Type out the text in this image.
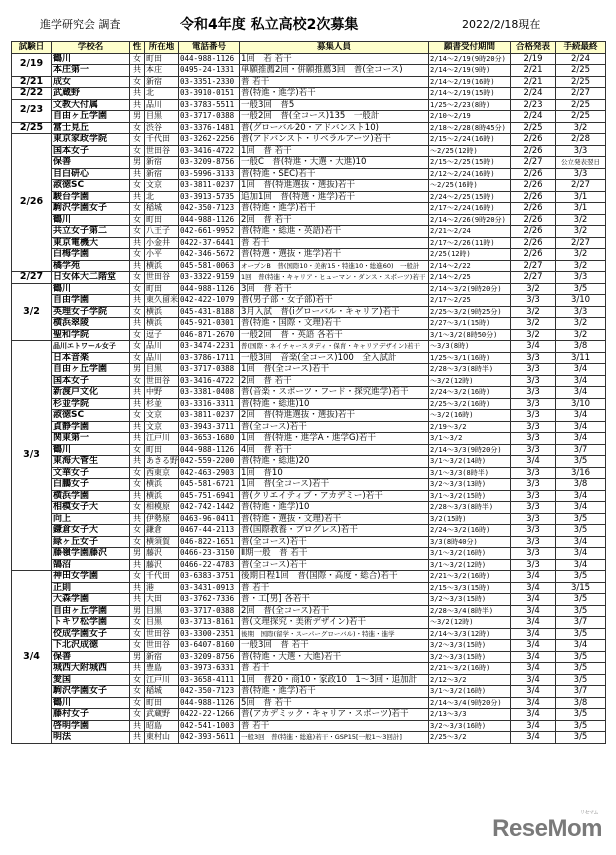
進学研究会 調査	令和4年度 私立高校2次募集	2022/2/18現在
試験日	学校名	性	所在地	電話番号	募集人員	願書受付期間	合格発表	手続最終
2/19	鶴川	女	町田	044-988-1126	1回　若 若干	2/14〜2/19(9時20分)	2/19	2/24
	本庄第一	共	本庄	0495-24-1331	単願推薦2回・併願推薦3回　普(全コース)	2/14〜2/19(9時)	2/21	2/25
2/21	成女	女	新宿	03-3351-2330	普 若干	2/14〜2/19(16時)	2/21	2/25
2/22	武蔵野	共	北	03-3910-0151	普(特進・進学)若干	2/14〜2/19(15時)	2/24	2/27
2/23	文教大付属	共	品川	03-3783-5511	一般3回　普5	1/25〜2/23(8時)	2/23	2/25
	自由ヶ丘学園	男	目黒	03-3717-0388	一般2回　普(全コース)135　一般計	2/10〜2/19	2/24	2/25
2/25	富士見丘	女	渋谷	03-3376-1481	普(グローバル20・アドバンスト10)	2/18〜2/28(8時45分)	2/25	3/2
2/26	東京家政学院	女	千代田	03-3262-2256	普(アドバンスト・リベラルアーツ)若干	2/15〜2/24(16時)	2/26	2/28
	国本女子	女	世田谷	03-3416-4722	1回　普 若干	〜2/25(12時)	2/26	3/3
	保善	男	新宿	03-3209-8756	一般C　普(特進・大選・大進)10	2/15〜2/25(15時)	2/27	公立発表翌日
	目白研心	共	新宿	03-5996-3133	普(特進・SEC)若干	2/12〜2/24(16時)	2/26	3/3
	淑徳SC	女	文京	03-3811-0237	1回　普(特進選抜・選抜)若干	〜2/25(16時)	2/26	2/27
	駿台学園	共	北	03-3913-5735	追加1回　普(特選・進学)若干	2/24〜2/25(15時)	2/26	3/1
	駒沢学園女子	女	稲城	042-350-7123	普(特進・進学)若干	2/17〜2/24(16時)	2/26	3/1
	鶴川	女	町田	044-988-1126	2回　普 若干	2/14〜2/26(9時20分)	2/26	3/2
	共立女子第二	女	八王子	042-661-9952	普(特進・総進・英語)若干	2/21〜2/24	2/26	3/2
	東京電機大	共	小金井	0422-37-6441	普 若干	2/17〜2/26(11時)	2/26	2/27
	白梅学園	女	小平	042-346-5672	普(特選・選抜・進学)若干	2/25(12時)	2/26	3/2
	橘学苑	共	横浜	045-581-0063	オープンB　普(国際10・美術15・特進10・総進60)　一般計	2/14〜2/22	2/27	3/2
2/27	日女体大二階堂	女	世田谷	03-3322-9159	1回　普(特進・キャリア・ヒューマン・ダンス・スポーツ)若干	2/14〜2/25	2/27	3/3
3/2	鶴川	女	町田	044-988-1126	3回　普 若干	2/14〜3/2(9時20分)	3/2	3/5
	自由学園	共	東久留米	042-422-1079	普(男子部・女子部)若干	2/17〜2/25	3/3	3/10
	英理女子学院	女	横浜	045-431-8188	3月入試　普(iグローバル・キャリア)若干	2/25〜3/2(9時25分)	3/2	3/3
	横浜翠陵	共	横浜	045-921-0301	普(特進・国際・文理)若干	2/27〜3/1(15時)	3/2	3/2
	聖和学院	女	逗子	046-871-2670	一般2回　普・英語 各若干	3/1〜3/2(8時50分)	3/2	3/2
3/3	品川エトワール女子	女	品川	03-3474-2231	普(国際・ネイチャースタディ・保育・キャリアデザイン)若干	〜3/3(8時)	3/4	3/8
	日本音楽	女	品川	03-3786-1711	一般3回　音楽(全コース)100　全入試計	1/25〜3/1(16時)	3/3	3/11
	自由ヶ丘学園	男	目黒	03-3717-0388	1回　普(全コース)若干	2/28〜3/3(8時半)	3/3	3/4
	国本女子	女	世田谷	03-3416-4722	2回　普 若干	〜3/2(12時)	3/3	3/4
	新渡戸文化	共	中野	03-3381-0408	普(音楽・スポーツ・フード・探究進学)若干	2/24〜3/2(16時)	3/3	3/4
	杉並学院	共	杉並	03-3316-3311	普(特進・総進)10	2/25〜3/2(16時)	3/3	3/10
	淑徳SC	女	文京	03-3811-0237	2回　普(特進選抜・選抜)若干	〜3/2(16時)	3/3	3/4
	貞静学園	共	文京	03-3943-3711	普(全コース)若干	2/19〜3/2	3/3	3/4
	関東第一	共	江戸川	03-3653-1680	1回　普(特進・進学A・進学G)若干	3/1〜3/2	3/3	3/4
	鶴川	女	町田	044-988-1126	4回　普 若干	2/14〜3/3(9時20分)	3/3	3/7
	東海大菅生	共	あきる野	042-559-2200	普(特進・総進)20	3/1〜3/2(14時)	3/4	3/5
	文華女子	女	西東京	042-463-2903	1回　普10	3/1〜3/3(8時半)	3/3	3/16
	白鵬女子	女	横浜	045-581-6721	1回　普(全コース)若干	3/2〜3/3(13時)	3/3	3/8
	横浜学園	共	横浜	045-751-6941	普(クリエイティブ・アカデミー)若干	3/1〜3/2(15時)	3/3	3/4
	相模女子大	女	相模原	042-742-1442	普(特進・進学)10	2/28〜3/3(8時半)	3/3	3/4
	向上	共	伊勢原	0463-96-0411	普(特進・選抜・文理)若干	3/2(15時)	3/3	3/5
	鎌倉女子大	女	鎌倉	0467-44-2113	普(国際教養・プログレス)若干	2/24〜3/2(16時)	3/3	3/5
	緑ヶ丘女子	女	横須賀	046-822-1651	普(全コース)若干	3/3(8時40分)	3/3	3/4
	藤嶺学園藤沢	男	藤沢	0466-23-3150	Ⅱ期一般　普 若干	3/1〜3/2(16時)	3/3	3/4
	鵠沼	共	藤沢	0466-22-4783	普(全コース)若干	3/1〜3/2(12時)	3/3	3/4
3/4	神田女学園	女	千代田	03-6383-3751	後期日程1回　普(国際・高度・総合)若干	2/21〜3/2(16時)	3/4	3/5
	正則	共	港	03-3431-0913	普 若干	2/15〜3/3(15時)	3/4	3/15
	大森学園	共	大田	03-3762-7336	普・工[男] 各若干	3/2〜3/3(15時)	3/4	3/5
	自由ヶ丘学園	男	目黒	03-3717-0388	2回　普(全コース)若干	2/28〜3/4(8時半)	3/4	3/5
	トキワ松学園	女	目黒	03-3713-8161	普(文理探究・美術デザイン)若干	〜3/2(12時)	3/4	3/7
	佼成学園女子	女	世田谷	03-3300-2351	後期　国際(留学・スーパーグローバル)・特進・進学	2/14〜3/3(12時)	3/4	3/5
	下北沢成徳	女	世田谷	03-6407-8160	一般3回　普 若干	3/2〜3/3(15時)	3/4	3/4
	保善	男	新宿	03-3209-8756	普(特進・大選・大進)若干	3/2〜3/3(15時)	3/4	3/5
	城西大附城西	共	豊島	03-3973-6331	普 若干	2/21〜3/2(16時)	3/4	3/5
	愛国	女	江戸川	03-3658-4111	1回　普20・商10・家政10　1〜3回・追加計	2/12〜3/2	3/4	3/5
	駒沢学園女子	女	稲城	042-350-7123	普(特進・進学)若干	3/1〜3/2(16時)	3/4	3/7
	鶴川	女	町田	044-988-1126	5回　普 若干	2/14〜3/4(9時20分)	3/4	3/8
	藤村女子	女	武蔵野	0422-22-1266	普(アカデミック・キャリア・スポーツ)若干	2/13〜3/3	3/4	3/5
	啓明学園	共	昭島	042-541-1003	普 若干	3/2〜3/3(16時)	3/4	3/5
	明法	共	東村山	042-393-5611	一般3回　普(特進・総進)若干・GSP15[一般1〜3回計]	2/25〜3/2	3/4	3/5
ReseMom
リセマム
